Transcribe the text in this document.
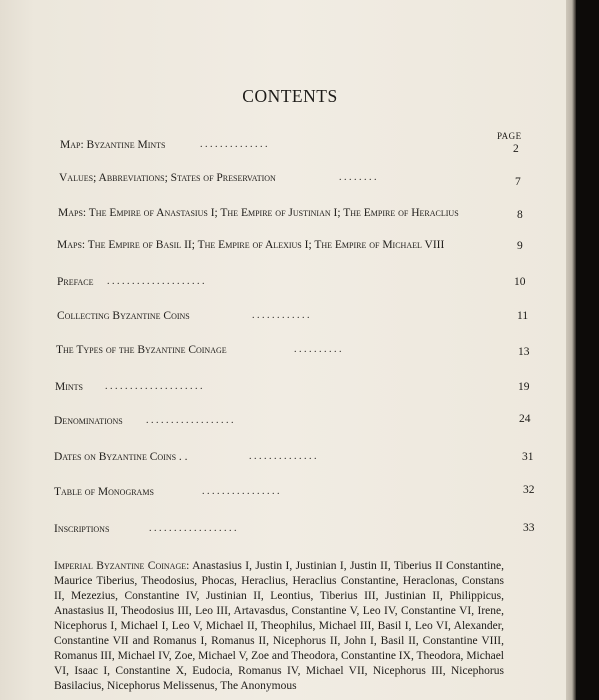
CONTENTS
PAGE
Map: Byzantine Mints	. . . . . . . . . . . . . .	2
Values; Abbreviations; States of Preservation	. . . . . . . .	7
Maps: The Empire of Anastasius I; The Empire of Justinian I; The Empire of Heraclius	8
Maps: The Empire of Basil II; The Empire of Alexius I; The Empire of Michael VIII	9
Preface . . . . . . . . . . . . . . . . . . . .	10
Collecting Byzantine Coins	. . . . . . . . . . . .	11
The Types of the Byzantine Coinage	. . . . . . . . . .	13
Mints . . . . . . . . . . . . . . . . . . . .	19
Denominations . . . . . . . . . . . . . . . . . .	24
Dates on Byzantine Coins . .	. . . . . . . . . . . . . .	31
Table of Monograms	. . . . . . . . . . . . . . . .	32
Inscriptions	. . . . . . . . . . . . . . . . . .	33
Imperial Byzantine Coinage: Anastasius I, Justin I, Justinian I, Justin II, Tiberius II Constantine, Maurice Tiberius, Theodosius, Phocas, Heraclius, Heraclius Constantine, Heraclonas, Constans II, Mezezius, Constantine IV, Justinian II, Leontius, Tiberius III, Justinian II, Philippicus, Anastasius II, Theodosius III, Leo III, Artavasdus, Constantine V, Leo IV, Constantine VI, Irene, Nicephorus I, Michael I, Leo V, Michael II, Theophilus, Michael III, Basil I, Leo VI, Alexander, Constantine VII and Romanus I, Romanus II, Nicephorus II, John I, Basil II, Constantine VIII, Romanus III, Michael IV, Zoe, Michael V, Zoe and Theodora, Constantine IX, Theodora, Michael VI, Isaac I, Constantine X, Eudocia, Romanus IV, Michael VII, Nicephorus III, Nicephorus Basilacius, Nicephorus Melissenus, The Anonymous
